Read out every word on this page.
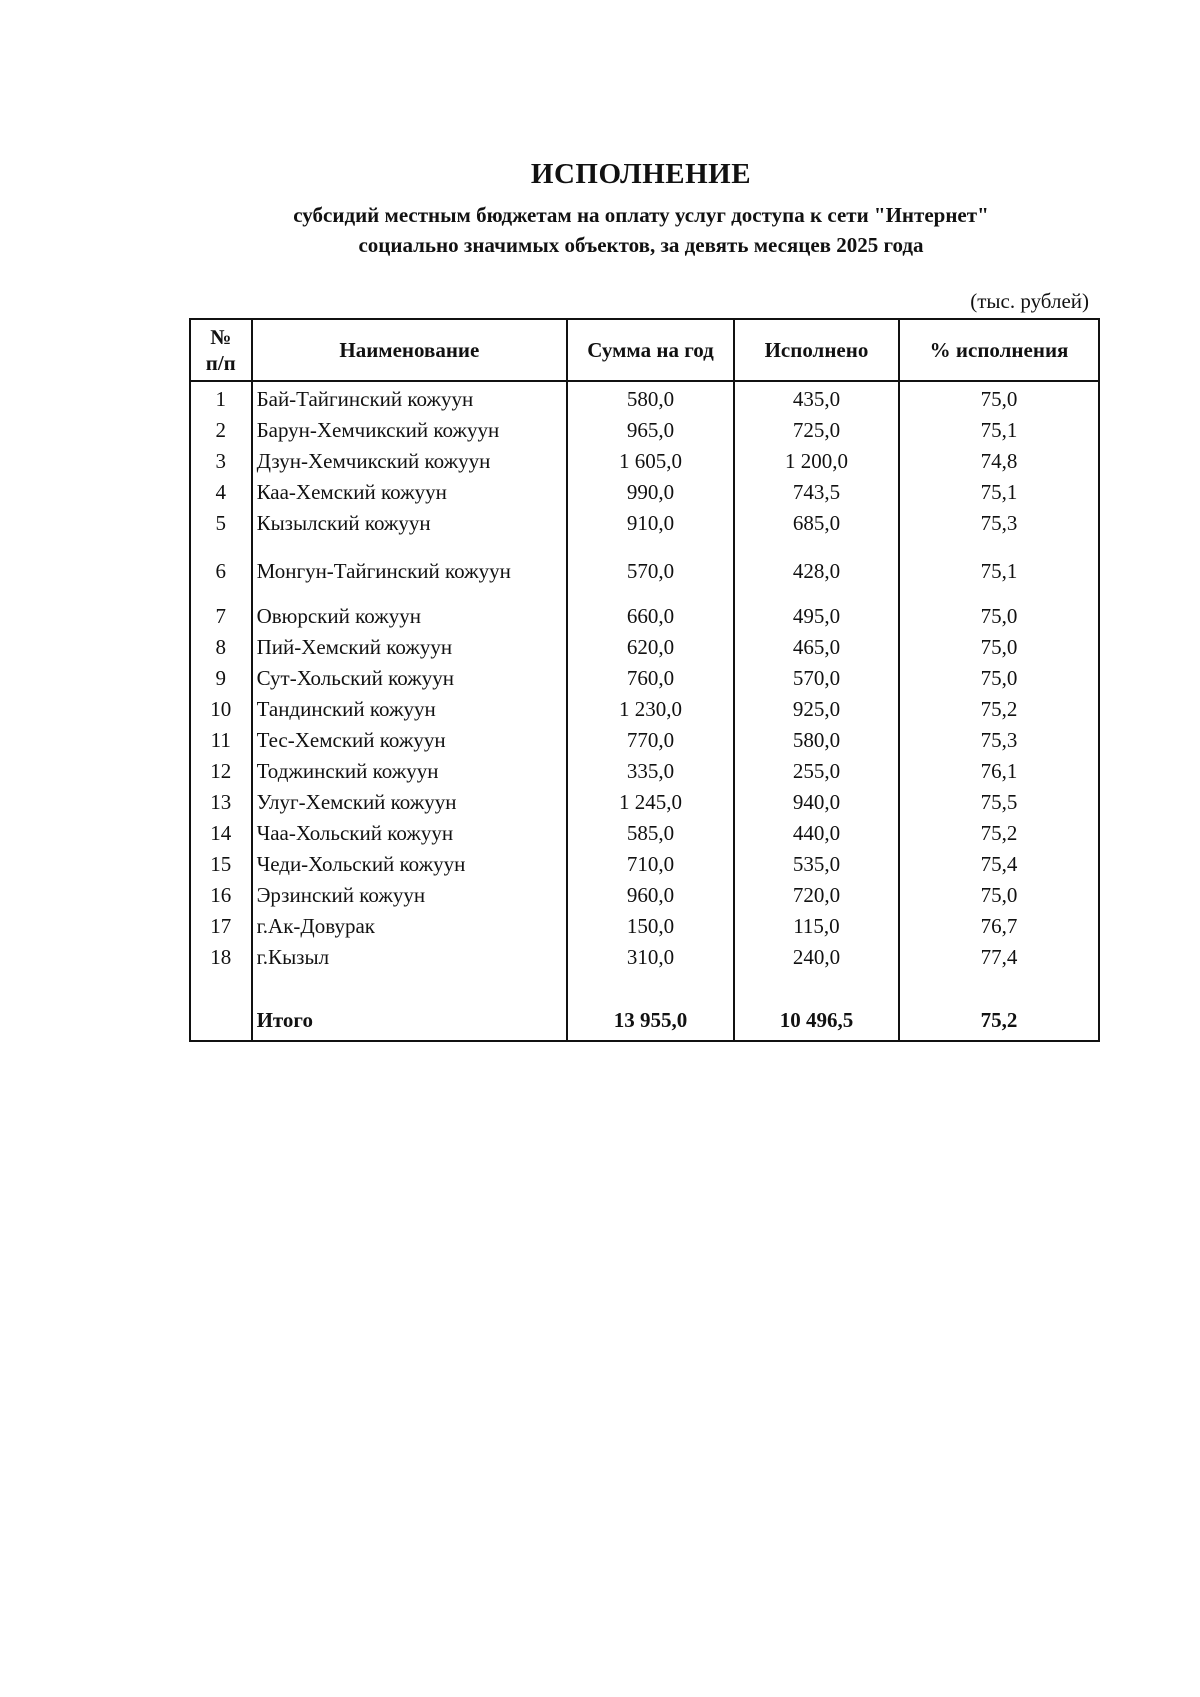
ИСПОЛНЕНИЕ
субсидий местным бюджетам на оплату услуг доступа к сети "Интернет"
социально значимых объектов, за девять месяцев 2025 года
(тыс. рублей)
№
п/п	Наименование	Сумма на год	Исполнено	% исполнения
1	Бай-Тайгинский кожуун	580,0	435,0	75,0
2	Барун-Хемчикский кожуун	965,0	725,0	75,1
3	Дзун-Хемчикский кожуун	1 605,0	1 200,0	74,8
4	Каа-Хемский кожуун	990,0	743,5	75,1
5	Кызылский кожуун	910,0	685,0	75,3
6	Монгун-Тайгинский кожуун	570,0	428,0	75,1
7	Овюрский кожуун	660,0	495,0	75,0
8	Пий-Хемский кожуун	620,0	465,0	75,0
9	Сут-Хольский кожуун	760,0	570,0	75,0
10	Тандинский кожуун	1 230,0	925,0	75,2
11	Тес-Хемский кожуун	770,0	580,0	75,3
12	Тоджинский кожуун	335,0	255,0	76,1
13	Улуг-Хемский кожуун	1 245,0	940,0	75,5
14	Чаа-Хольский кожуун	585,0	440,0	75,2
15	Чеди-Хольский кожуун	710,0	535,0	75,4
16	Эрзинский кожуун	960,0	720,0	75,0
17	г.Ак-Довурак	150,0	115,0	76,7
18	г.Кызыл	310,0	240,0	77,4

	Итого	13 955,0	10 496,5	75,2
